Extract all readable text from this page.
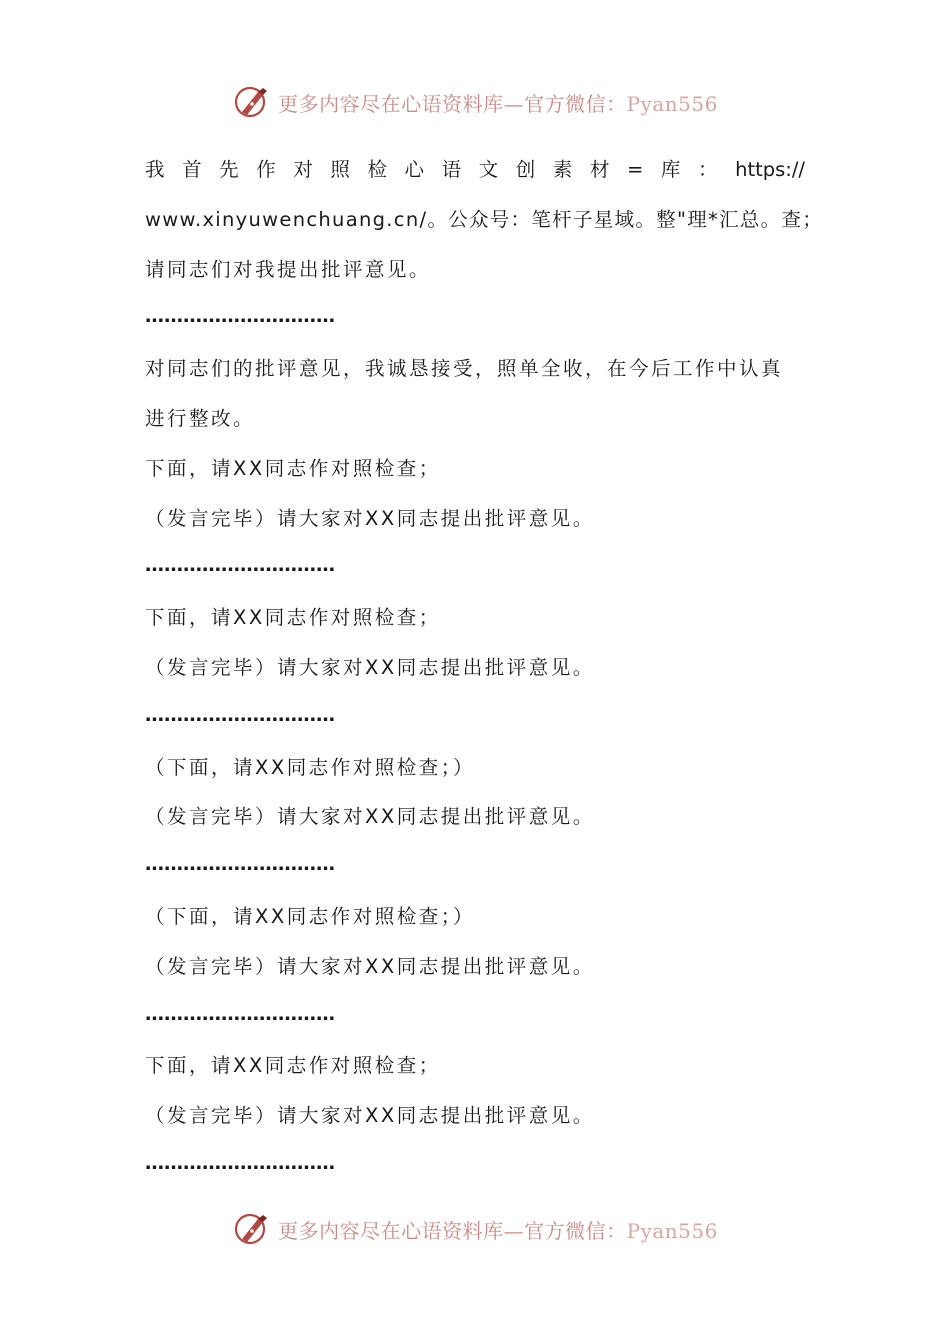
更多内容尽在心语资料库—官方微信：Pyan556
我首先作对照检心语文创素材=库：https://
www.xinyuwenchuang.cn/。公众号：笔杆子星域。整"理*汇总。查；
请同志们对我提出批评意见。
…………………………
对同志们的批评意见，我诚恳接受，照单全收，在今后工作中认真
进行整改。
下面，请XX同志作对照检查；
（发言完毕）请大家对XX同志提出批评意见。
…………………………
下面，请XX同志作对照检查；
（发言完毕）请大家对XX同志提出批评意见。
…………………………
（下面，请XX同志作对照检查；）
（发言完毕）请大家对XX同志提出批评意见。
…………………………
（下面，请XX同志作对照检查；）
（发言完毕）请大家对XX同志提出批评意见。
…………………………
下面，请XX同志作对照检查；
（发言完毕）请大家对XX同志提出批评意见。
…………………………
更多内容尽在心语资料库—官方微信：Pyan556
